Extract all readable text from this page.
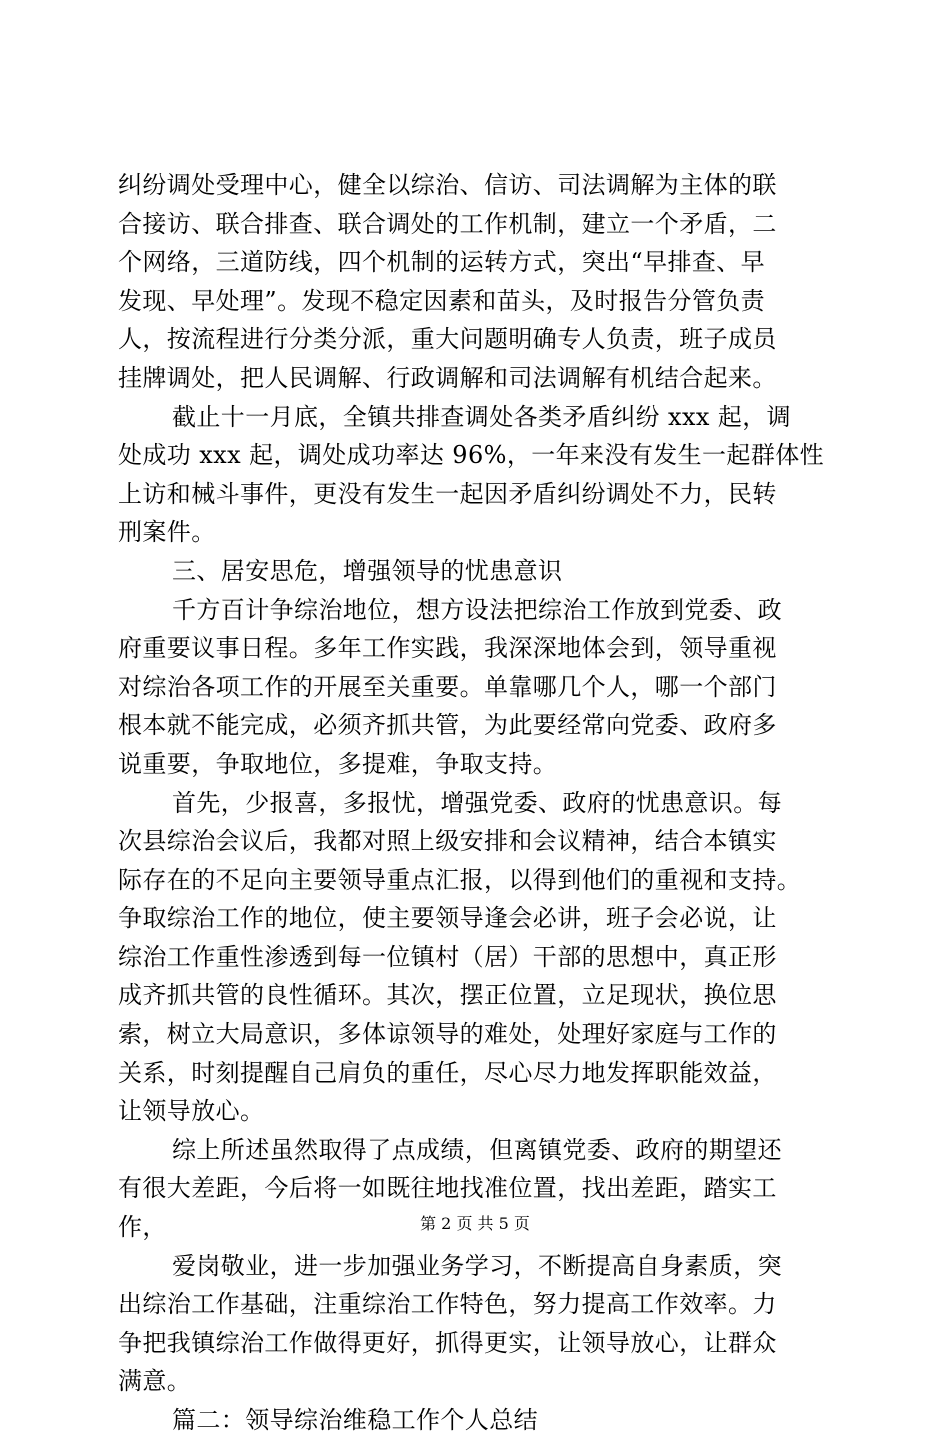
纠纷调处受理中心，健全以综治、信访、司法调解为主体的联
合接访、联合排查、联合调处的工作机制，建立一个矛盾，二
个网络，三道防线，四个机制的运转方式，突出“早排查、早
发现、早处理”。发现不稳定因素和苗头，及时报告分管负责
人，按流程进行分类分派，重大问题明确专人负责，班子成员
挂牌调处，把人民调解、行政调解和司法调解有机结合起来。
截止十一月底，全镇共排查调处各类矛盾纠纷 xxx 起，调
处成功 xxx 起，调处成功率达 96%，一年来没有发生一起群体性
上访和械斗事件，更没有发生一起因矛盾纠纷调处不力，民转
刑案件。
三、居安思危，增强领导的忧患意识
千方百计争综治地位，想方设法把综治工作放到党委、政
府重要议事日程。多年工作实践，我深深地体会到，领导重视
对综治各项工作的开展至关重要。单靠哪几个人，哪一个部门
根本就不能完成，必须齐抓共管，为此要经常向党委、政府多
说重要，争取地位，多提难，争取支持。
首先，少报喜，多报忧，增强党委、政府的忧患意识。每
次县综治会议后，我都对照上级安排和会议精神，结合本镇实
际存在的不足向主要领导重点汇报，以得到他们的重视和支持。
争取综治工作的地位，使主要领导逢会必讲，班子会必说，让
综治工作重性渗透到每一位镇村（居）干部的思想中，真正形
成齐抓共管的良性循环。其次，摆正位置，立足现状，换位思
索，树立大局意识，多体谅领导的难处，处理好家庭与工作的
关系，时刻提醒自己肩负的重任，尽心尽力地发挥职能效益，
让领导放心。
综上所述虽然取得了点成绩，但离镇党委、政府的期望还
有很大差距，今后将一如既往地找准位置，找出差距，踏实工
作，
爱岗敬业，进一步加强业务学习，不断提高自身素质，突
出综治工作基础，注重综治工作特色，努力提高工作效率。力
争把我镇综治工作做得更好，抓得更实，让领导放心，让群众
满意。
篇二：领导综治维稳工作个人总结
第 2 页 共 5 页
